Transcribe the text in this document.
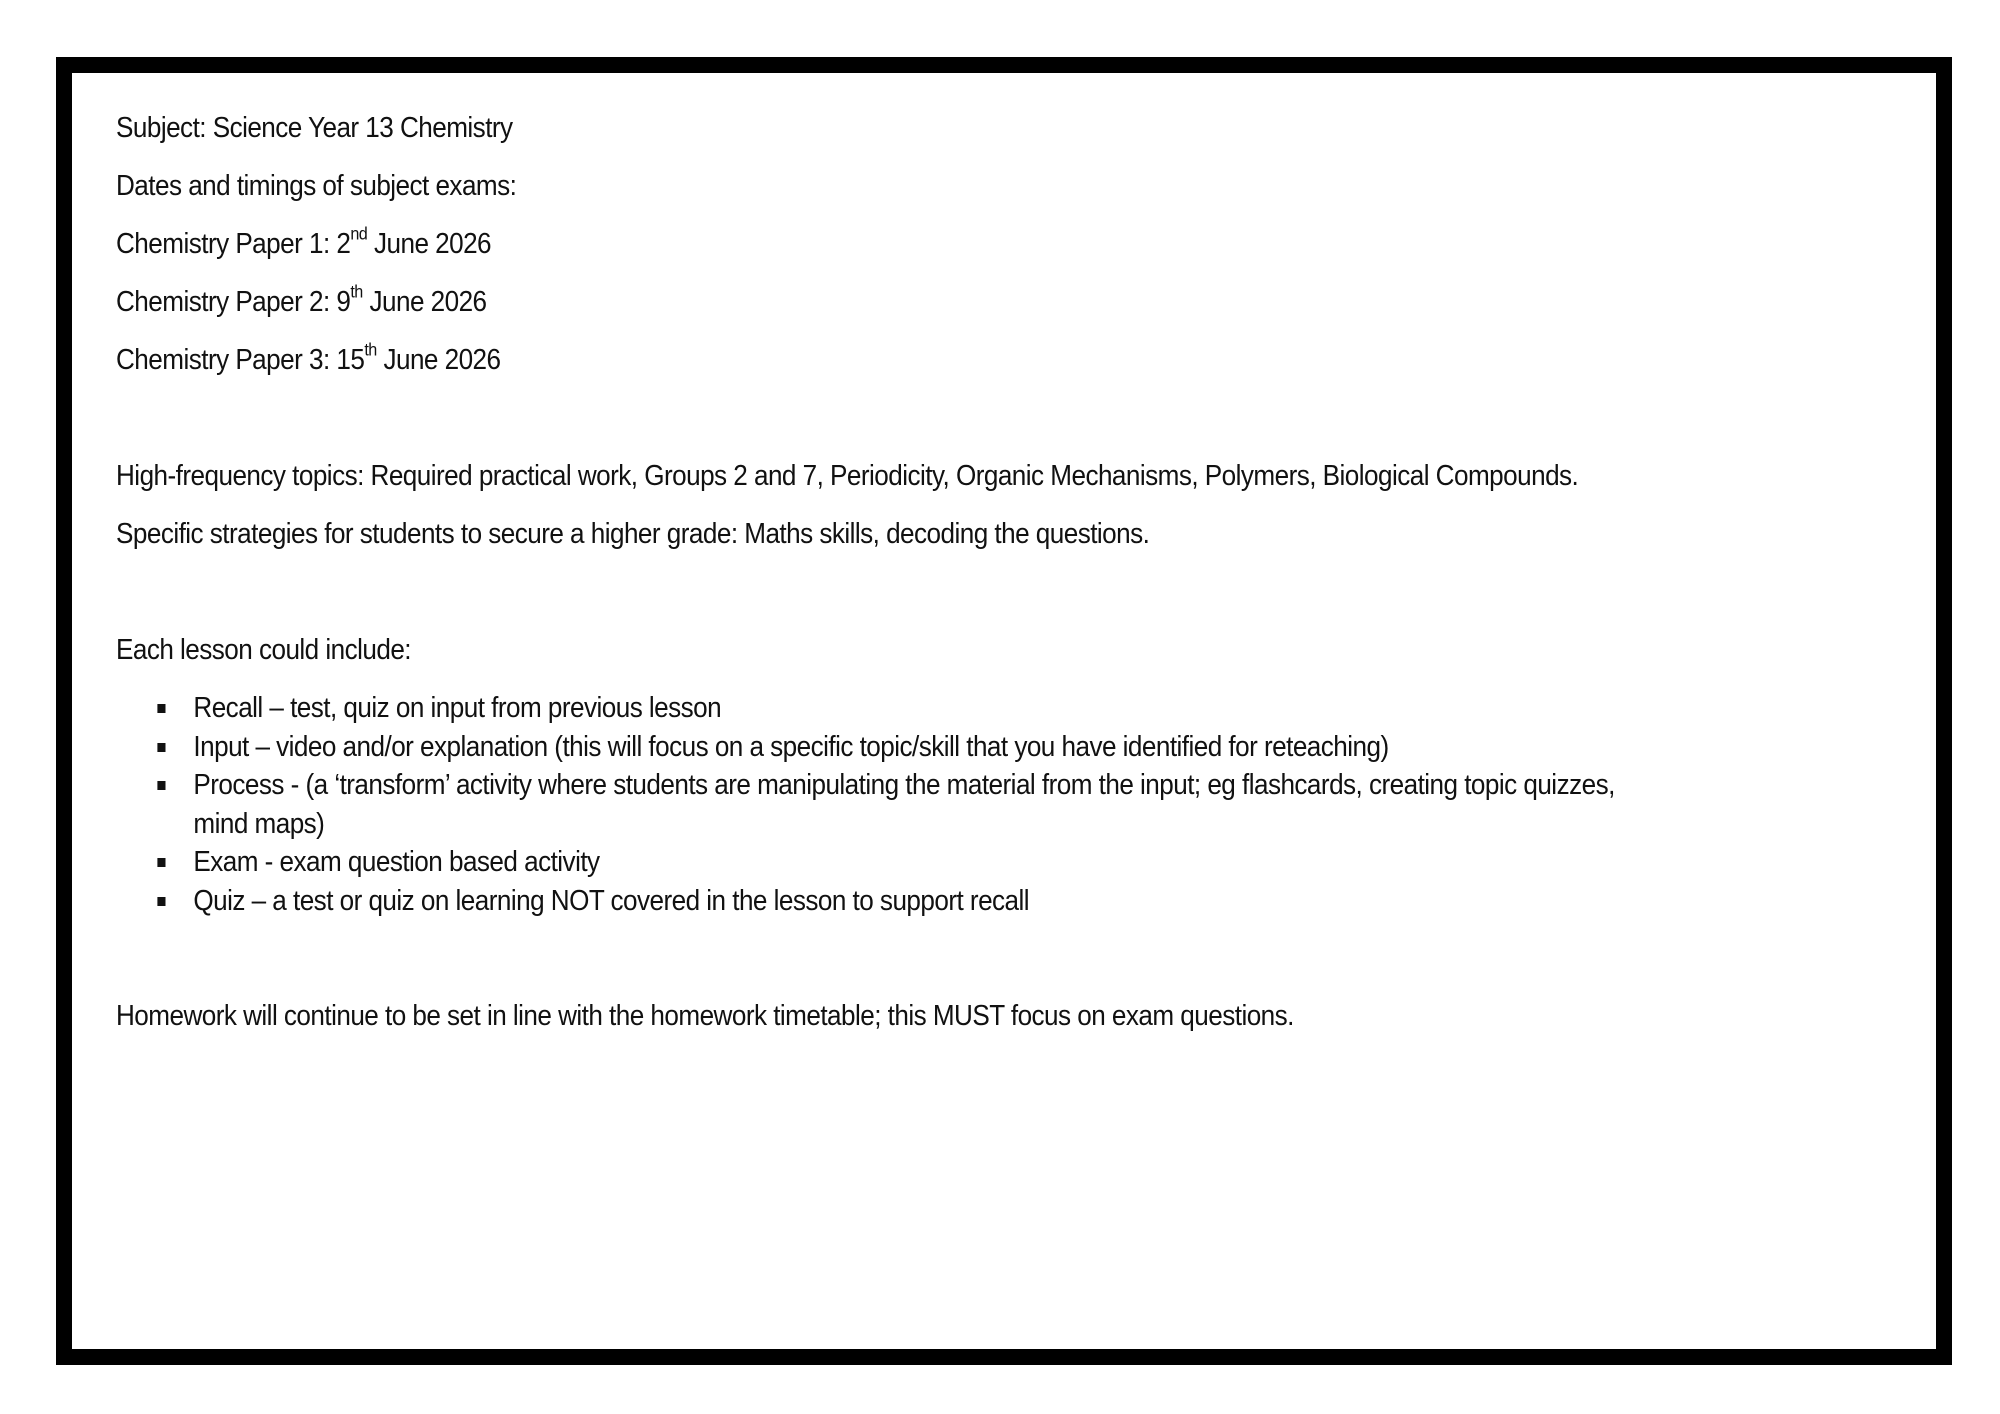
Subject: Science Year 13 Chemistry

Dates and timings of subject exams:

Chemistry Paper 1: 2nd June 2026

Chemistry Paper 2: 9th June 2026

Chemistry Paper 3: 15th June 2026

High-frequency topics: Required practical work, Groups 2 and 7, Periodicity, Organic Mechanisms, Polymers, Biological Compounds.

Specific strategies for students to secure a higher grade: Maths skills, decoding the questions.

Each lesson could include:

Recall – test, quiz on input from previous lesson
Input – video and/or explanation (this will focus on a specific topic/skill that you have identified for reteaching)
Process - (a ‘transform’ activity where students are manipulating the material from the input; eg flashcards, creating topic quizzes, mind maps)
Exam - exam question based activity
Quiz – a test or quiz on learning NOT covered in the lesson to support recall

Homework will continue to be set in line with the homework timetable; this MUST focus on exam questions.
